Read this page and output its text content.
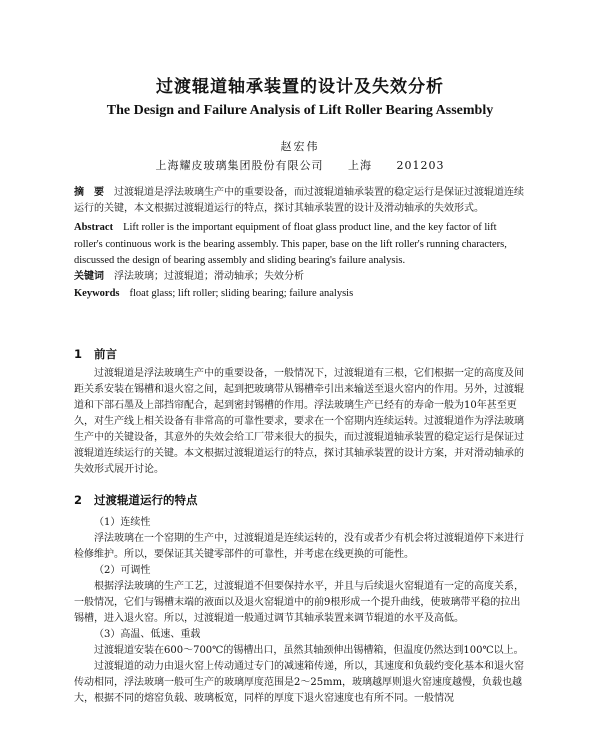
过渡辊道轴承装置的设计及失效分析
The Design and Failure Analysis of Lift Roller Bearing Assembly
赵宏伟
上海耀皮玻璃集团股份有限公司 上海 201203
摘　要 过渡辊道是浮法玻璃生产中的重要设备，而过渡辊道轴承装置的稳定运行是保证过渡辊道连续运行的关键，本文根据过渡辊道运行的特点，探讨其轴承装置的设计及滑动轴承的失效形式。
Abstract Lift roller is the important equipment of float glass product line, and the key factor of lift roller's continuous work is the bearing assembly. This paper, base on the lift roller's running characters, discussed the design of bearing assembly and sliding bearing's failure analysis.
关键词 浮法玻璃；过渡辊道；滑动轴承；失效分析
Keywords float glass; lift roller; sliding bearing; failure analysis
1 前言

过渡辊道是浮法玻璃生产中的重要设备，一般情况下，过渡辊道有三根，它们根据一定的高度及间距关系安装在锡槽和退火窑之间，起到把玻璃带从锡槽牵引出来输送至退火窑内的作用。另外，过渡辊道和下部石墨及上部挡帘配合，起到密封锡槽的作用。浮法玻璃生产已经有的寿命一般为10年甚至更久，对生产线上相关设备有非常高的可靠性要求，要求在一个窑期内连续运转。过渡辊道作为浮法玻璃生产中的关键设备，其意外的失效会给工厂带来很大的损失，而过渡辊道轴承装置的稳定运行是保证过渡辊道连续运行的关键。本文根据过渡辊道运行的特点，探讨其轴承装置的设计方案，并对滑动轴承的失效形式展开讨论。

2 过渡辊道运行的特点

（1）连续性

浮法玻璃在一个窑期的生产中，过渡辊道是连续运转的，没有或者少有机会将过渡辊道停下来进行检修维护。所以，要保证其关键零部件的可靠性，并考虑在线更换的可能性。

（2）可调性

根据浮法玻璃的生产工艺，过渡辊道不但要保持水平，并且与后续退火窑辊道有一定的高度关系，一般情况，它们与锡槽末端的液面以及退火窑辊道中的前9根形成一个提升曲线，使玻璃带平稳的拉出锡槽，进入退火窑。所以，过渡辊道一般通过调节其轴承装置来调节辊道的水平及高低。

（3）高温、低速、重载

过渡辊道安装在600～700℃的锡槽出口，虽然其轴颈伸出锡槽箱，但温度仍然达到100℃以上。

过渡辊道的动力由退火窑上传动通过专门的减速箱传递，所以，其速度和负载约变化基本和退火窑传动相同，浮法玻璃一般可生产的玻璃厚度范围是2～25mm，玻璃越厚则退火窑速度越慢，负载也越大，根据不同的熔窑负载、玻璃板宽，同样的厚度下退火窑速度也有所不同。一般情况
